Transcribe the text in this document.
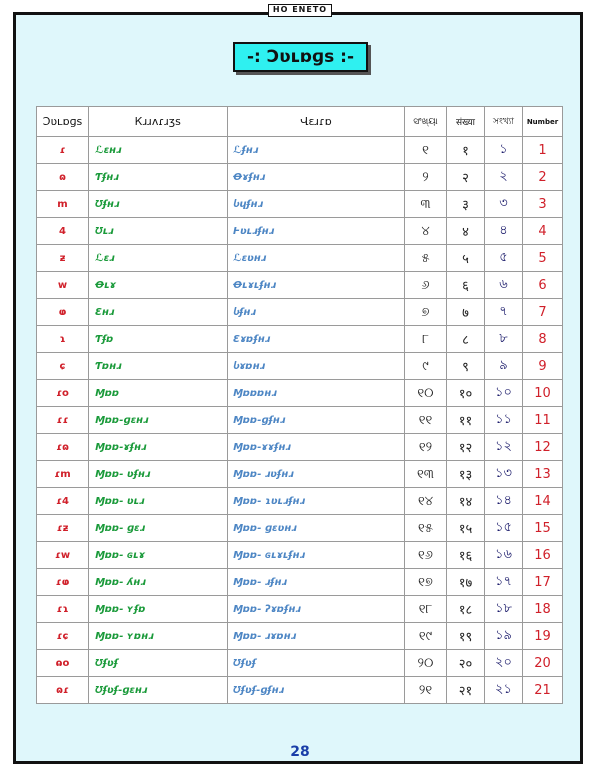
HO ENETO
-: Ɔʋʟɒɡs :-
Ɔʋʟɒɡs	Ꮶɹɹʌɾɹʒs	Վɛɹɾɒ	ସଂଖ୍ୟା	संख्या	সংখ্যা	Number
ɾ	ℒɛʜɹ	ℒʄʜɹ	୧	१	১	1
ɷ	Ƭʄʜɹ	Ꝋɤʄʜɹ	୨	२	২	2
m	Ʊʄʜɹ	Ⴑɥʄʜɹ	୩	३	৩	3
4	Ʊʟɹ	Ⱶʋʟɹʄʜɹ	୪	४	৪	4
ƶ	ℒɛɹ	ℒɛʋʜɹ	୫	५	৫	5
w	Ꝋʟɤ	Ꝋʟɤʟʄʜɹ	୬	६	৬	6
ⱷ	Ɛʜɹ	Ⴑʄʜɹ	୭	७	৭	7
ɿ	Ƭʄɒ	Ɛɤɒʄʜɹ	୮	८	৮	8
ɕ	Ƭɒʜɹ	Ⴑɤɒʜɹ	୯	९	৯	9
ɾo	Ɱɒɒ	Ɱɒɒɒʜɹ	୧୦	१०	১০	10
ɾɾ	Ɱɒɒ-ɡɛʜɹ	Ɱɒɒ-ɡʄʜɹ	୧୧	११	১১	11
ɾɷ	Ɱɒɒ-ɤʄʜɹ	Ɱɒɒ-ɤɤʄʜɹ	୧୨	१२	১২	12
ɾm	Ɱɒɒ- ʋʄʜɹ	Ɱɒɒ- ɹʋʄʜɹ	୧୩	१३	১৩	13
ɾ4	Ɱɒɒ- ʋʟɹ	Ɱɒɒ- ɿʋʟɹʄʜɹ	୧୪	१४	১৪	14
ɾƶ	Ɱɒɒ- ɡɛɹ	Ɱɒɒ- ɡɛʋʜɹ	୧୫	१५	১৫	15
ɾw	Ɱɒɒ- ɢʟɤ	Ɱɒɒ- ɢʟɤʟʄʜɹ	୧୬	१६	১৬	16
ɾⱷ	Ɱɒɒ- ʎʜɹ	Ɱɒɒ- ɹʄʜɹ	୧୭	१७	১৭	17
ɾɿ	Ɱɒɒ- ʏʄɒ	Ɱɒɒ- ʔɤɒʄʜɹ	୧୮	१८	১৮	18
ɾɕ	Ɱɒɒ- ʏɒʜɹ	Ɱɒɒ- ɹɤɒʜɹ	୧୯	१९	১৯	19
ɷo	Ʊʄʋʄ	Ʊʄʋʄ	୨୦	२०	২০	20
ɷɾ	Ʊʄʋʄ-ɡɛʜɹ	Ʊʄʋʄ-ɡʄʜɹ	୨୧	२१	২১	21
28
